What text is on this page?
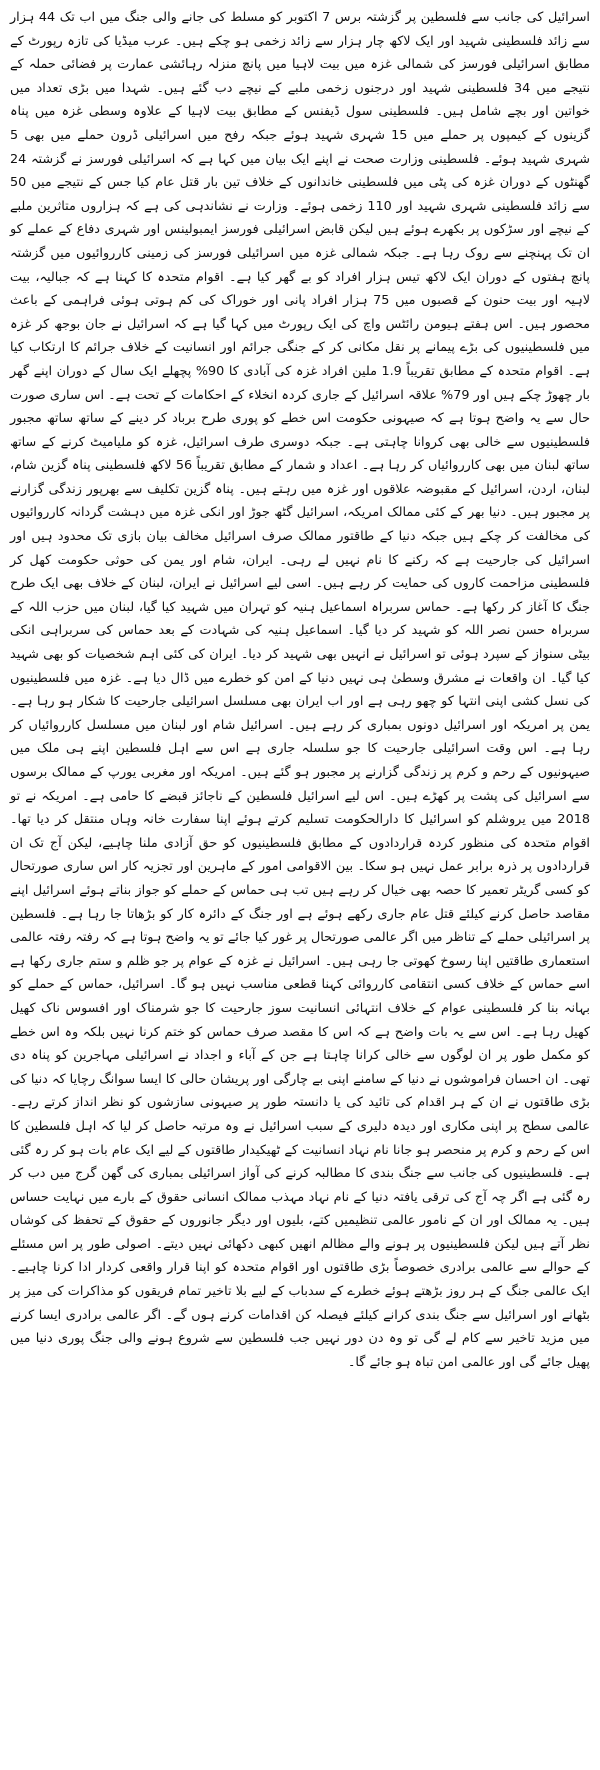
اسرائیل کی جانب سے فلسطین پر گزشتہ برس 7 اکتوبر کو مسلط کی جانے والی جنگ میں اب تک 44 ہزار سے زائد فلسطینی شہید اور ایک لاکھ چار ہزار سے زائد زخمی ہو چکے ہیں۔ عرب میڈیا کی تازہ رپورٹ کے مطابق اسرائیلی فورسز کی شمالی غزہ میں بیت لاہیا میں پانچ منزلہ رہائشی عمارت پر فضائی حملہ کے نتیجے میں 34 فلسطینی شہید اور درجنوں زخمی ملبے کے نیچے دب گئے ہیں۔ شہدا میں بڑی تعداد میں خواتین اور بچے شامل ہیں۔ فلسطینی سول ڈیفنس کے مطابق بیت لاہیا کے علاوہ وسطی غزہ میں پناہ گزینوں کے کیمپوں پر حملے میں 15 شہری شہید ہوئے جبکہ رفح میں اسرائیلی ڈرون حملے میں بھی 5 شہری شہید ہوئے۔ فلسطینی وزارت صحت نے اپنے ایک بیان میں کہا ہے کہ اسرائیلی فورسز نے گزشتہ 24 گھنٹوں کے دوران غزہ کی پٹی میں فلسطینی خاندانوں کے خلاف تین بار قتل عام کیا جس کے نتیجے میں 50 سے زائد فلسطینی شہری شہید اور 110 زخمی ہوئے۔ وزارت نے نشاندہی کی ہے کہ ہزاروں متاثرین ملبے کے نیچے اور سڑکوں پر بکھرے ہوئے ہیں لیکن قابض اسرائیلی فورسز ایمبولینس اور شہری دفاع کے عملے کو ان تک پہنچنے سے روک رہا ہے۔ جبکہ شمالی غزہ میں اسرائیلی فورسز کی زمینی کارروائیوں میں گزشتہ پانچ ہفتوں کے دوران ایک لاکھ تیس ہزار افراد کو بے گھر کیا ہے۔ اقوام متحدہ کا کہنا ہے کہ جبالیہ، بیت لاہیہ اور بیت حنون کے قصبوں میں 75 ہزار افراد پانی اور خوراک کی کم ہوتی ہوئی فراہمی کے باعث محصور ہیں۔ اس ہفتے ہیومن رائٹس واچ کی ایک رپورٹ میں کہا گیا ہے کہ اسرائیل نے جان بوجھ کر غزہ میں فلسطینیوں کی بڑے پیمانے پر نقل مکانی کر کے جنگی جرائم اور انسانیت کے خلاف جرائم کا ارتکاب کیا ہے۔ اقوام متحدہ کے مطابق تقریباً 1.9 ملین افراد غزہ کی آبادی کا 90% پچھلے ایک سال کے دوران اپنے گھر بار چھوڑ چکے ہیں اور 79% علاقہ اسرائیل کے جاری کردہ انخلاء کے احکامات کے تحت ہے۔ اس ساری صورت حال سے یہ واضح ہوتا ہے کہ صیہونی حکومت اس خطے کو پوری طرح برباد کر دینے کے ساتھ ساتھ مجبور فلسطینیوں سے خالی بھی کروانا چاہتی ہے۔ جبکہ دوسری طرف اسرائیل، غزہ کو ملیامیٹ کرنے کے ساتھ ساتھ لبنان میں بھی کارروائیاں کر رہا ہے۔ اعداد و شمار کے مطابق تقریباً 56 لاکھ فلسطینی پناہ گزین شام، لبنان، اردن، اسرائیل کے مقبوضہ علاقوں اور غزہ میں رہتے ہیں۔ پناہ گزین تکلیف سے بھرپور زندگی گزارنے پر مجبور ہیں۔ دنیا بھر کے کئی ممالک امریکہ، اسرائیل گٹھ جوڑ اور انکی غزہ میں دہشت گردانہ کارروائیوں کی مخالفت کر چکے ہیں جبکہ دنیا کے طاقتور ممالک صرف اسرائیل مخالف بیان بازی تک محدود ہیں اور اسرائیل کی جارحیت ہے کہ رکنے کا نام نہیں لے رہی۔ ایران، شام اور یمن کی حوثی حکومت کھل کر فلسطینی مزاحمت کاروں کی حمایت کر رہے ہیں۔ اسی لیے اسرائیل نے ایران، لبنان کے خلاف بھی ایک طرح جنگ کا آغاز کر رکھا ہے۔ حماس سربراہ اسماعیل ہنیہ کو تہران میں شہید کیا گیا، لبنان میں حزب اللہ کے سربراہ حسن نصر اللہ کو شہید کر دیا گیا۔ اسماعیل ہنیہ کی شہادت کے بعد حماس کی سربراہی انکی بیٹی سنواز کے سپرد ہوئی تو اسرائیل نے انہیں بھی شہید کر دیا۔ ایران کی کئی اہم شخصیات کو بھی شہید کیا گیا۔ ان واقعات نے مشرق وسطیٰ ہی نہیں دنیا کے امن کو خطرے میں ڈال دیا ہے۔ غزہ میں فلسطینیوں کی نسل کشی اپنی انتہا کو چھو رہی ہے اور اب ایران بھی مسلسل اسرائیلی جارحیت کا شکار ہو رہا ہے۔ یمن پر امریکہ اور اسرائیل دونوں بمباری کر رہے ہیں۔ اسرائیل شام اور لبنان میں مسلسل کارروائیاں کر رہا ہے۔ اس وقت اسرائیلی جارحیت کا جو سلسلہ جاری ہے اس سے اہل فلسطین اپنے ہی ملک میں صیہونیوں کے رحم و کرم پر زندگی گزارنے پر مجبور ہو گئے ہیں۔ امریکہ اور مغربی یورپ کے ممالک برسوں سے اسرائیل کی پشت پر کھڑے ہیں۔ اس لیے اسرائیل فلسطین کے ناجائز قبضے کا حامی ہے۔ امریکہ نے تو 2018 میں یروشلم کو اسرائیل کا دارالحکومت تسلیم کرتے ہوئے اپنا سفارت خانہ وہاں منتقل کر دیا تھا۔ اقوام متحدہ کی منظور کردہ قراردادوں کے مطابق فلسطینیوں کو حق آزادی ملنا چاہیے، لیکن آج تک ان قراردادوں پر ذرہ برابر عمل نہیں ہو سکا۔ بین الاقوامی امور کے ماہرین اور تجزیہ کار اس ساری صورتحال کو کسی گریٹر تعمیر کا حصہ بھی خیال کر رہے ہیں تب ہی حماس کے حملے کو جواز بناتے ہوئے اسرائیل اپنے مقاصد حاصل کرنے کیلئے قتل عام جاری رکھے ہوئے ہے اور جنگ کے دائرہ کار کو بڑھاتا جا رہا ہے۔ فلسطین پر اسرائیلی حملے کے تناظر میں اگر عالمی صورتحال پر غور کیا جائے تو یہ واضح ہوتا ہے کہ رفتہ رفتہ عالمی استعماری طاقتیں اپنا رسوخ کھوتی جا رہی ہیں۔ اسرائیل نے غزہ کے عوام پر جو ظلم و ستم جاری رکھا ہے اسے حماس کے خلاف کسی انتقامی کارروائی کہنا قطعی مناسب نہیں ہو گا۔ اسرائیل، حماس کے حملے کو بہانہ بنا کر فلسطینی عوام کے خلاف انتہائی انسانیت سوز جارحیت کا جو شرمناک اور افسوس ناک کھیل کھیل رہا ہے۔ اس سے یہ بات واضح ہے کہ اس کا مقصد صرف حماس کو ختم کرنا نہیں بلکہ وہ اس خطے کو مکمل طور پر ان لوگوں سے خالی کرانا چاہتا ہے جن کے آباء و اجداد نے اسرائیلی مہاجرین کو پناہ دی تھی۔ ان احسان فراموشوں نے دنیا کے سامنے اپنی بے چارگی اور پریشان حالی کا ایسا سوانگ رچایا کہ دنیا کی بڑی طاقتوں نے ان کے ہر اقدام کی تائید کی یا دانستہ طور پر صیہونی سازشوں کو نظر انداز کرتے رہے۔ عالمی سطح پر اپنی مکاری اور دیدہ دلیری کے سبب اسرائیل نے وہ مرتبہ حاصل کر لیا کہ اہل فلسطین کا اس کے رحم و کرم پر منحصر ہو جانا نام نہاد انسانیت کے ٹھیکیدار طاقتوں کے لیے ایک عام بات ہو کر رہ گئی ہے۔ فلسطینیوں کی جانب سے جنگ بندی کا مطالبہ کرنے کی آواز اسرائیلی بمباری کی گھن گرج میں دب کر رہ گئی ہے اگر چہ آج کی ترقی یافتہ دنیا کے نام نہاد مہذب ممالک انسانی حقوق کے بارے میں نہایت حساس ہیں۔ یہ ممالک اور ان کے نامور عالمی تنظیمیں کتے، بلیوں اور دیگر جانوروں کے حقوق کے تحفظ کی کوشاں نظر آتے ہیں لیکن فلسطینیوں پر ہونے والے مظالم انھیں کبھی دکھائی نہیں دیتے۔ اصولی طور پر اس مسئلے کے حوالے سے عالمی برادری خصوصاً بڑی طاقتوں اور اقوام متحدہ کو اپنا قرار واقعی کردار ادا کرنا چاہیے۔ ایک عالمی جنگ کے ہر روز بڑھتے ہوئے خطرے کے سدباب کے لیے بلا تاخیر تمام فریقوں کو مذاکرات کی میز پر بٹھانے اور اسرائیل سے جنگ بندی کرانے کیلئے فیصلہ کن اقدامات کرنے ہوں گے۔ اگر عالمی برادری ایسا کرنے میں مزید تاخیر سے کام لے گی تو وہ دن دور نہیں جب فلسطین سے شروع ہونے والی جنگ پوری دنیا میں پھیل جائے گی اور عالمی امن تباہ ہو جائے گا۔
